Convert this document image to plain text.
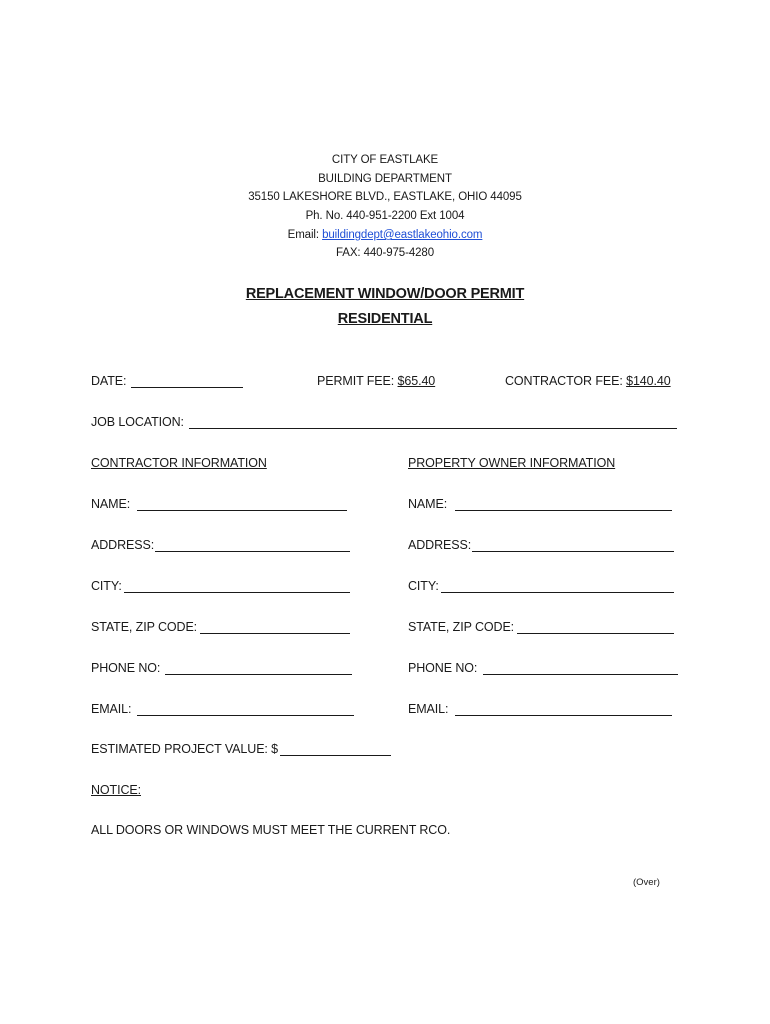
CITY OF EASTLAKE
BUILDING DEPARTMENT
35150 LAKESHORE BLVD., EASTLAKE, OHIO 44095
Ph. No. 440-951-2200 Ext 1004
Email: buildingdept@eastlakeohio.com
FAX: 440-975-4280
REPLACEMENT WINDOW/DOOR PERMIT
RESIDENTIAL
DATE:	PERMIT FEE: $65.40	CONTRACTOR FEE: $140.40
JOB LOCATION:
CONTRACTOR INFORMATION	PROPERTY OWNER INFORMATION
NAME:	NAME:
ADDRESS:	ADDRESS:
CITY:	CITY:
STATE, ZIP CODE:	STATE, ZIP CODE:
PHONE NO:	PHONE NO:
EMAIL:	EMAIL:
ESTIMATED PROJECT VALUE: $
NOTICE:
ALL DOORS OR WINDOWS MUST MEET THE CURRENT RCO.
(Over)
